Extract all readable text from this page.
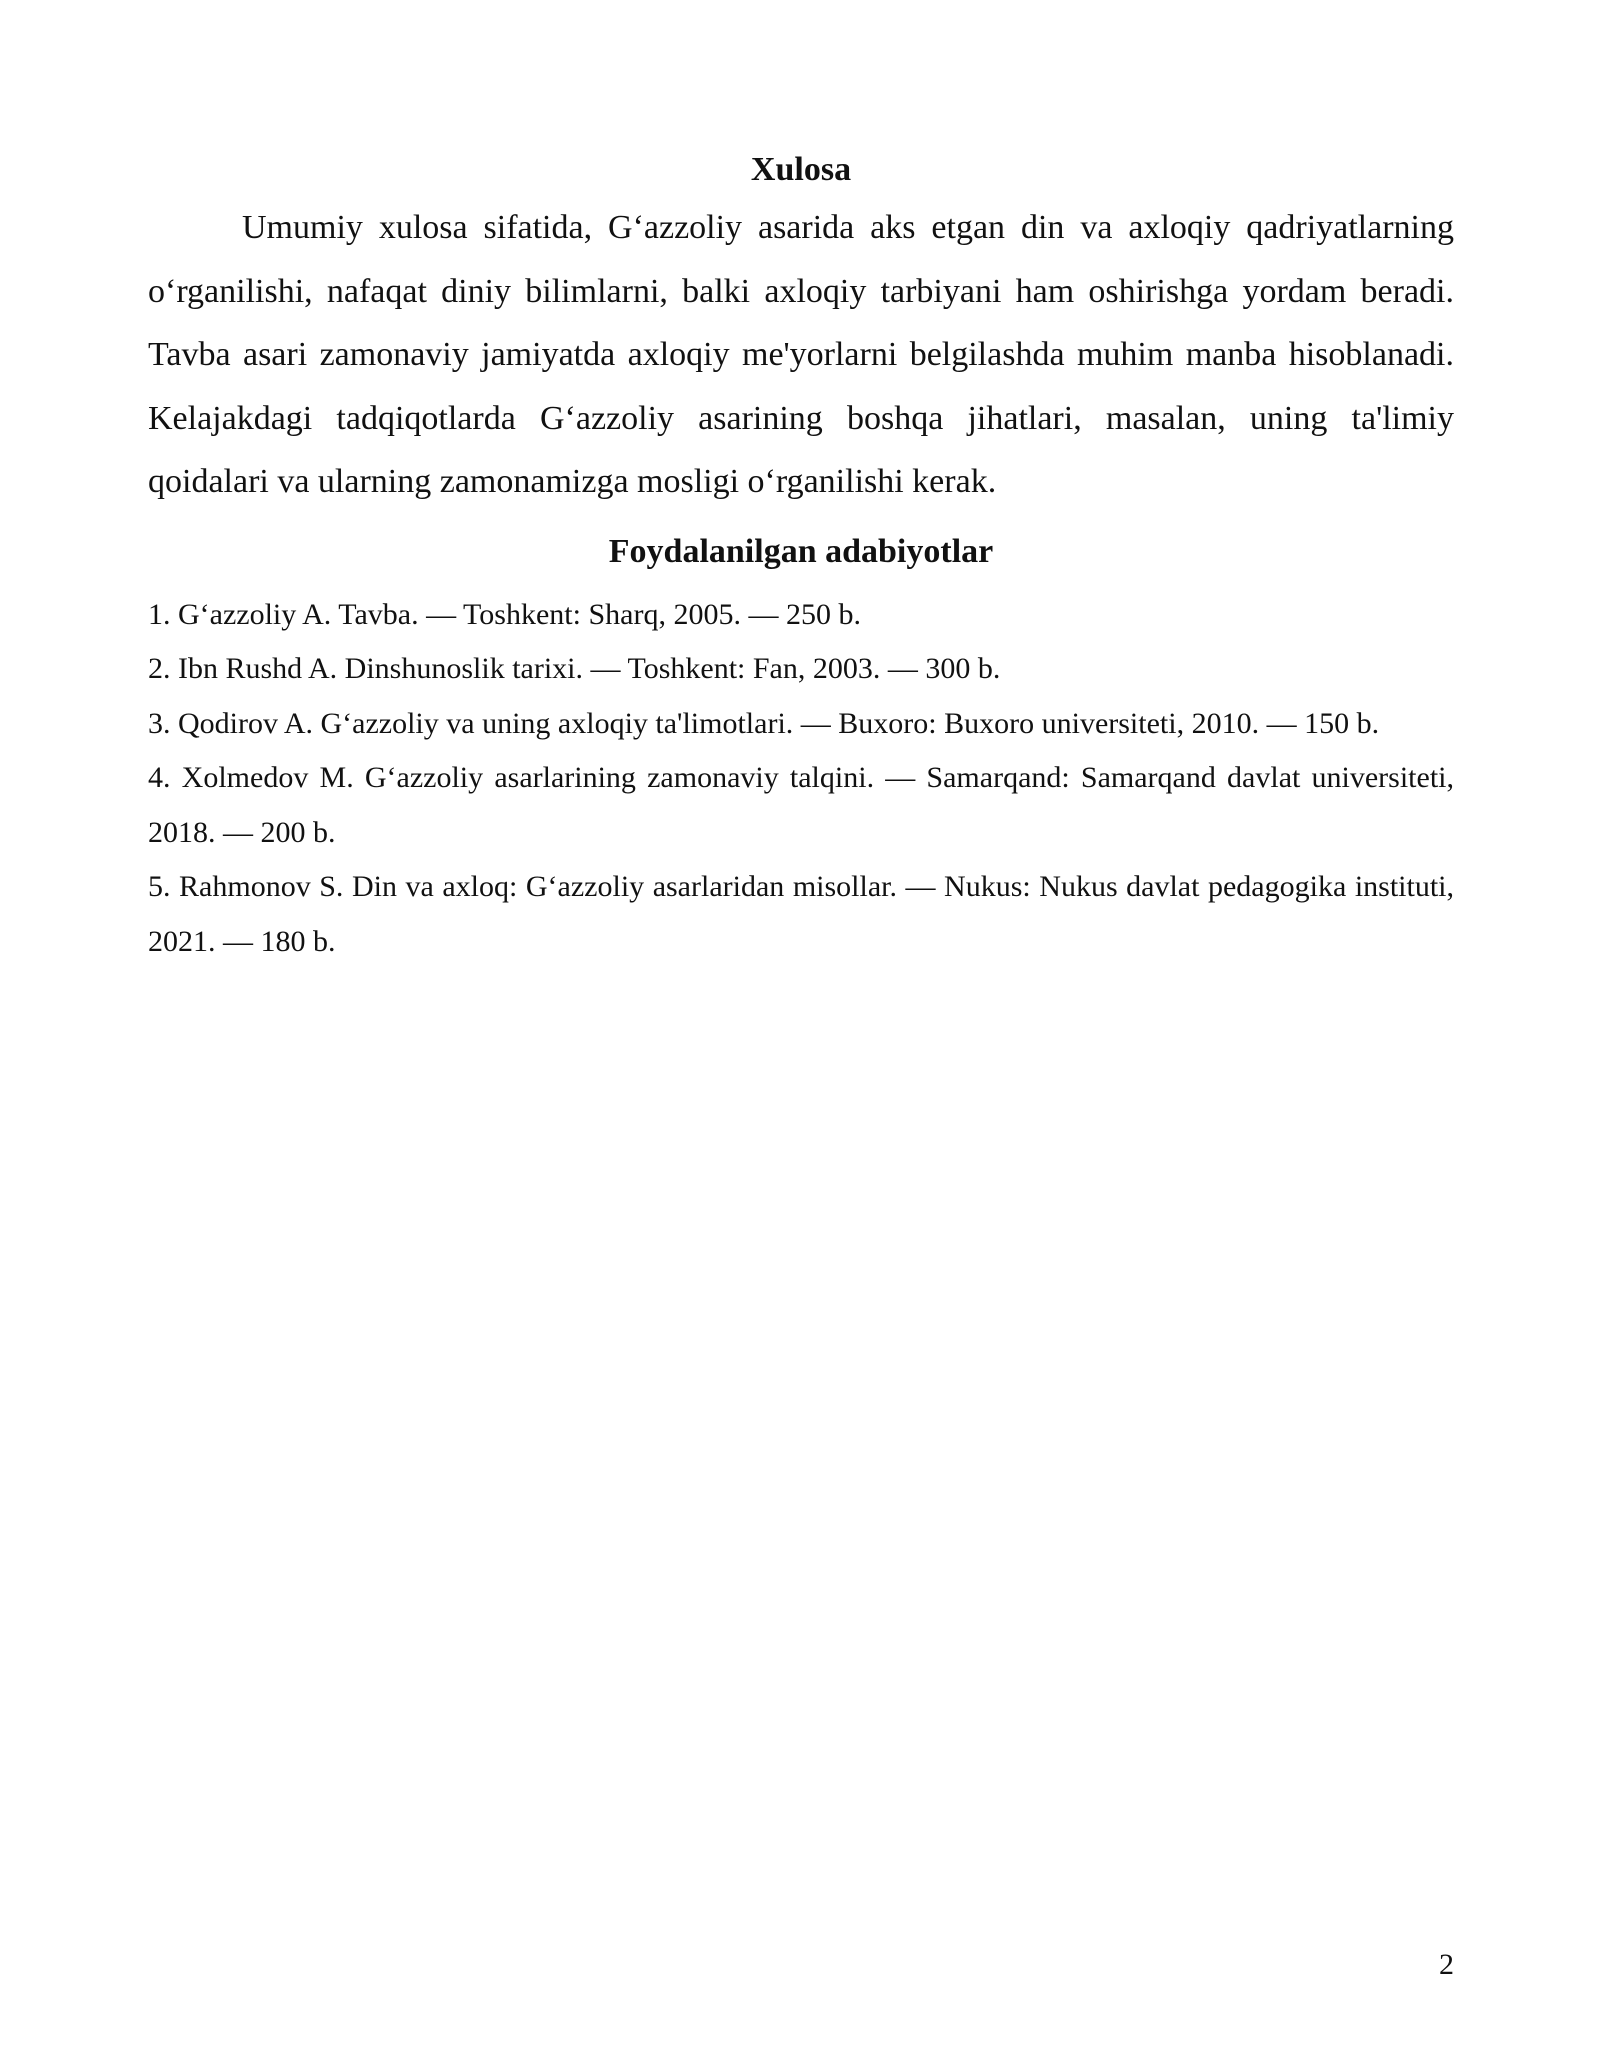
Xulosa

Umumiy xulosa sifatida, G‘azzoliy asarida aks etgan din va axloqiy qadriyatlarning o‘rganilishi, nafaqat diniy bilimlarni, balki axloqiy tarbiyani ham oshirishga yordam beradi. Tavba asari zamonaviy jamiyatda axloqiy me'yorlarni belgilashda muhim manba hisoblanadi. Kelajakdagi tadqiqotlarda G‘azzoliy asarining boshqa jihatlari, masalan, uning ta'limiy qoidalari va ularning zamonamizga mosligi o‘rganilishi kerak.

Foydalanilgan adabiyotlar
1. G‘azzoliy A. Tavba. — Toshkent: Sharq, 2005. — 250 b.
2. Ibn Rushd A. Dinshunoslik tarixi. — Toshkent: Fan, 2003. — 300 b.
3. Qodirov A. G‘azzoliy va uning axloqiy ta'limotlari. — Buxoro: Buxoro universiteti, 2010. — 150 b.
4. Xolmedov M. G‘azzoliy asarlarining zamonaviy talqini. — Samarqand: Samarqand davlat universiteti, 2018. — 200 b.
5. Rahmonov S. Din va axloq: G‘azzoliy asarlaridan misollar. — Nukus: Nukus davlat pedagogika instituti, 2021. — 180 b.
2
